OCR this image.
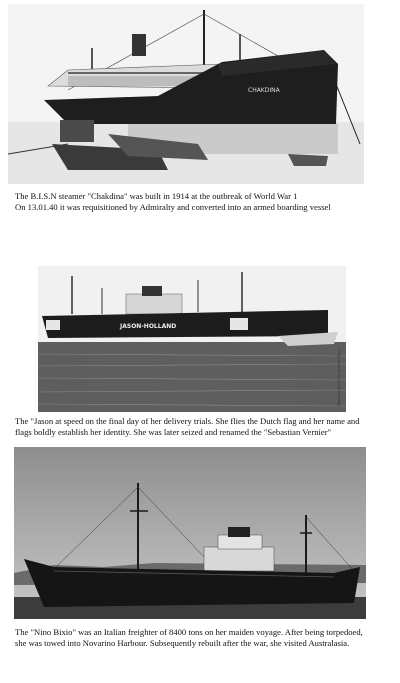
CHAKDINA
The B.I.S.N steamer "Chakdina" was built in 1914 at the outbreak of World War 1
On 13.01.40 it was requisitioned by Admiralty and converted into an armed boarding vessel
JASON-HOLLAND
Historical Branch Royal Dutch Navy
The "Jason at speed on the final day of her delivery trials. She flies the Dutch flag and her name and
flags boldly establish her identity. She was later seized and renamed the "Sebastian Vernier"
The "Nino Bixio" was an Italian freighter of 8400 tons on her maiden voyage. After being torpedoed,
she was towed into Novarino Harbour. Subsequently rebuilt after the war, she visited Australasia.
